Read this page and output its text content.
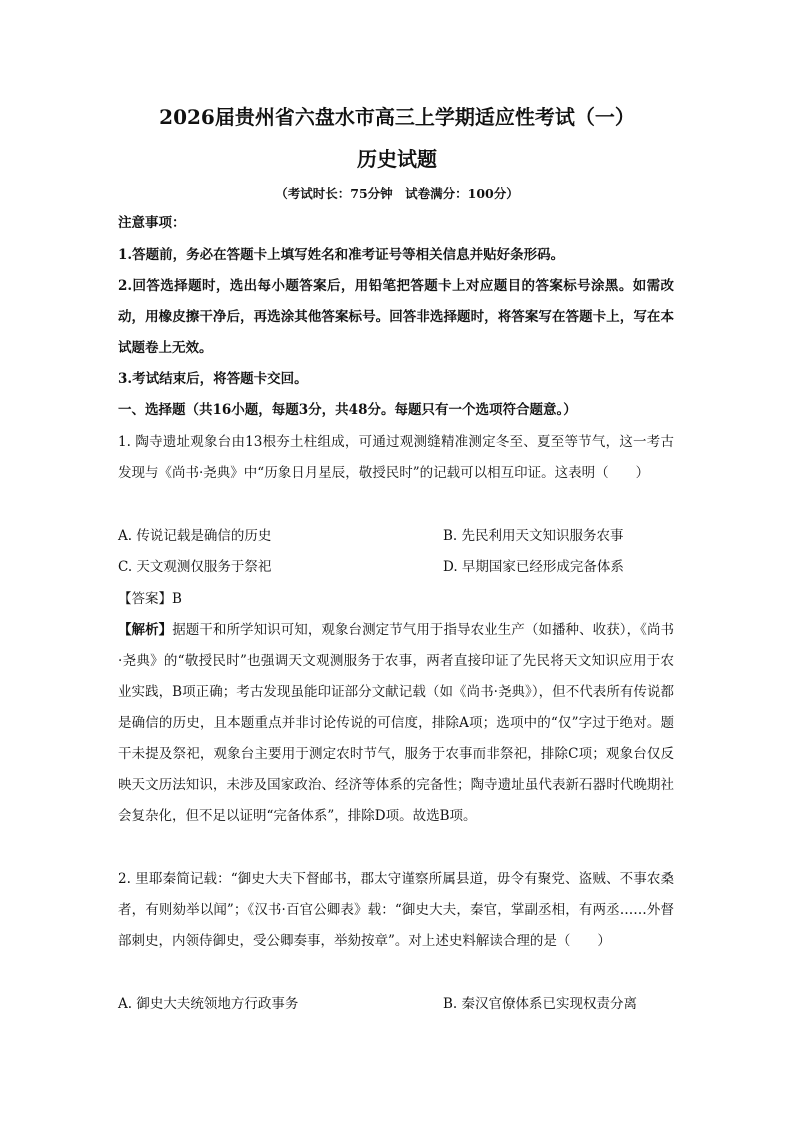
2026届贵州省六盘水市高三上学期适应性考试（一）
历史试题
（考试时长：75分钟　试卷满分：100分）
注意事项：
1.答题前，务必在答题卡上填写姓名和准考证号等相关信息并贴好条形码。
2.回答选择题时，选出每小题答案后，用铅笔把答题卡上对应题目的答案标号涂黑。如需改动，用橡皮擦干净后，再选涂其他答案标号。回答非选择题时，将答案写在答题卡上，写在本试题卷上无效。
3.考试结束后，将答题卡交回。
一、选择题（共16小题，每题3分，共48分。每题只有一个选项符合题意。）
1. 陶寺遗址观象台由13根夯土柱组成，可通过观测缝精准测定冬至、夏至等节气，这一考古发现与《尚书·尧典》中“历象日月星辰，敬授民时”的记载可以相互印证。这表明（　　）
A. 传说记载是确信的历史	B. 先民利用天文知识服务农事
C. 天文观测仅服务于祭祀	D. 早期国家已经形成完备体系
【答案】B
【解析】据题干和所学知识可知，观象台测定节气用于指导农业生产（如播种、收获），《尚书·尧典》的“敬授民时”也强调天文观测服务于农事，两者直接印证了先民将天文知识应用于农业实践，B项正确；考古发现虽能印证部分文献记载（如《尚书·尧典》），但不代表所有传说都是确信的历史，且本题重点并非讨论传说的可信度，排除A项；选项中的“仅”字过于绝对。题干未提及祭祀，观象台主要用于测定农时节气，服务于农事而非祭祀，排除C项；观象台仅反映天文历法知识，未涉及国家政治、经济等体系的完备性；陶寺遗址虽代表新石器时代晚期社会复杂化，但不足以证明“完备体系”，排除D项。故选B项。
2. 里耶秦简记载：“御史大夫下督邮书，郡太守谨察所属县道，毋令有聚党、盗贼、不事农桑者，有则劾举以闻”；《汉书·百官公卿表》载：“御史大夫，秦官，掌副丞相，有两丞……外督部刺史，内领侍御史，受公卿奏事，举劾按章”。对上述史料解读合理的是（　　）
A. 御史大夫统领地方行政事务	B. 秦汉官僚体系已实现权责分离
